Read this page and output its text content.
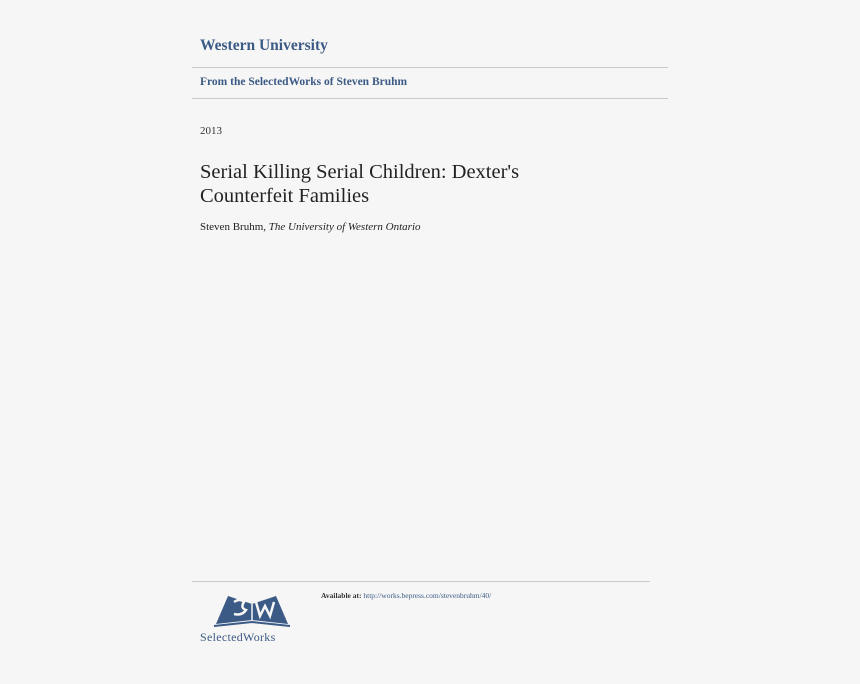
Western University
From the SelectedWorks of Steven Bruhm
2013
Serial Killing Serial Children: Dexter's
Counterfeit Families
Steven Bruhm, The University of Western Ontario
SelectedWorks
Available at: http://works.bepress.com/stevenbruhm/40/
